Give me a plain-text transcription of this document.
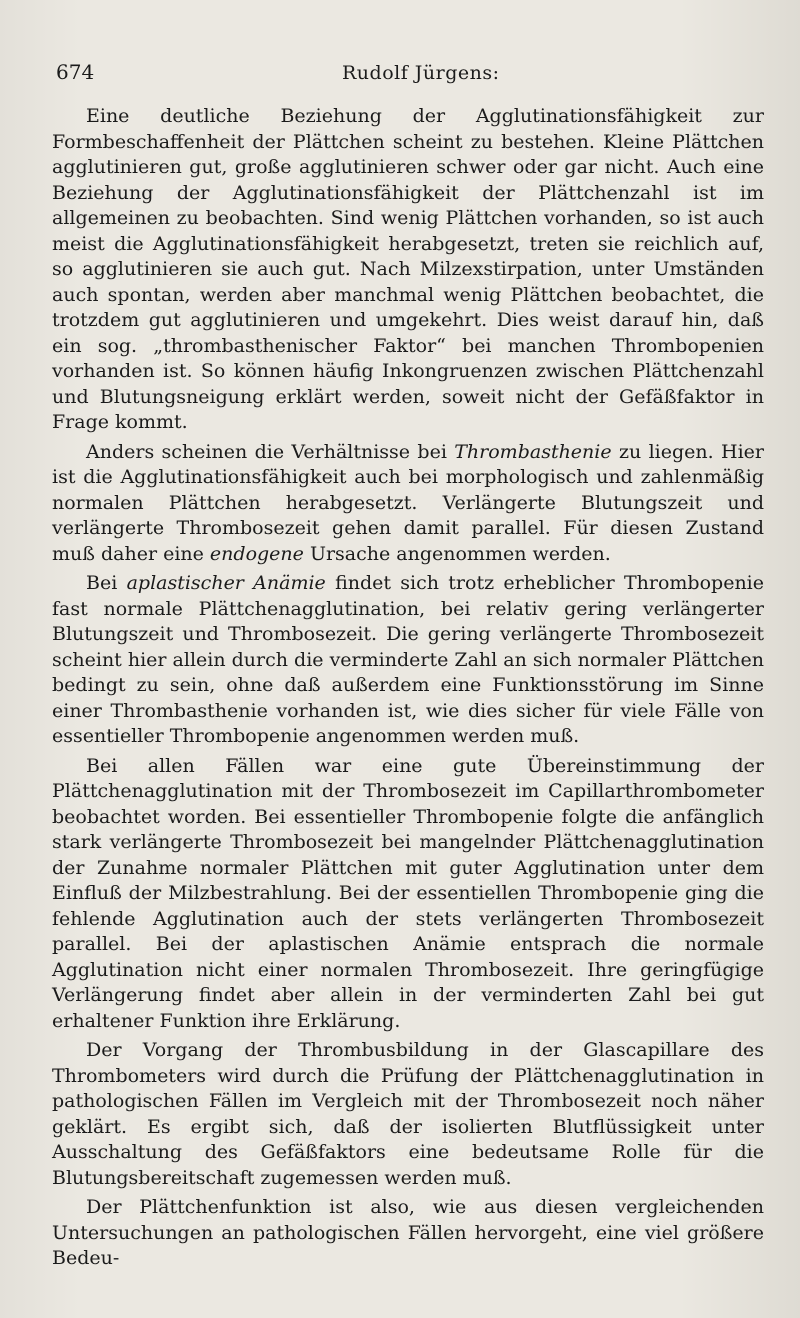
674	Rudolf Jürgens:

Eine deutliche Beziehung der Agglutinationsfähigkeit zur Formbeschaffenheit der Plättchen scheint zu bestehen. Kleine Plättchen agglutinieren gut, große agglutinieren schwer oder gar nicht. Auch eine Beziehung der Agglutinationsfähigkeit der Plättchenzahl ist im allgemeinen zu beobachten. Sind wenig Plättchen vorhanden, so ist auch meist die Agglutinationsfähigkeit herabgesetzt, treten sie reichlich auf, so agglutinieren sie auch gut. Nach Milzexstirpation, unter Umständen auch spontan, werden aber manchmal wenig Plättchen beobachtet, die trotzdem gut agglutinieren und umgekehrt. Dies weist darauf hin, daß ein sog. „thrombasthenischer Faktor“ bei manchen Thrombopenien vorhanden ist. So können häufig Inkongruenzen zwischen Plättchenzahl und Blutungsneigung erklärt werden, soweit nicht der Gefäßfaktor in Frage kommt.

Anders scheinen die Verhältnisse bei Thrombasthenie zu liegen. Hier ist die Agglutinationsfähigkeit auch bei morphologisch und zahlenmäßig normalen Plättchen herabgesetzt. Verlängerte Blutungszeit und verlängerte Thrombosezeit gehen damit parallel. Für diesen Zustand muß daher eine endogene Ursache angenommen werden.

Bei aplastischer Anämie findet sich trotz erheblicher Thrombopenie fast normale Plättchenagglutination, bei relativ gering verlängerter Blutungszeit und Thrombosezeit. Die gering verlängerte Thrombosezeit scheint hier allein durch die verminderte Zahl an sich normaler Plättchen bedingt zu sein, ohne daß außerdem eine Funktionsstörung im Sinne einer Thrombasthenie vorhanden ist, wie dies sicher für viele Fälle von essentieller Thrombopenie angenommen werden muß.

Bei allen Fällen war eine gute Übereinstimmung der Plättchenagglutination mit der Thrombosezeit im Capillarthrombometer beobachtet worden. Bei essentieller Thrombopenie folgte die anfänglich stark verlängerte Thrombosezeit bei mangelnder Plättchenagglutination der Zunahme normaler Plättchen mit guter Agglutination unter dem Einfluß der Milzbestrahlung. Bei der essentiellen Thrombopenie ging die fehlende Agglutination auch der stets verlängerten Thrombosezeit parallel. Bei der aplastischen Anämie entsprach die normale Agglutination nicht einer normalen Thrombosezeit. Ihre geringfügige Verlängerung findet aber allein in der verminderten Zahl bei gut erhaltener Funktion ihre Erklärung.

Der Vorgang der Thrombusbildung in der Glascapillare des Thrombometers wird durch die Prüfung der Plättchenagglutination in pathologischen Fällen im Vergleich mit der Thrombosezeit noch näher geklärt. Es ergibt sich, daß der isolierten Blutflüssigkeit unter Ausschaltung des Gefäßfaktors eine bedeutsame Rolle für die Blutungsbereitschaft zugemessen werden muß.

Der Plättchenfunktion ist also, wie aus diesen vergleichenden Untersuchungen an pathologischen Fällen hervorgeht, eine viel größere Bedeu-
